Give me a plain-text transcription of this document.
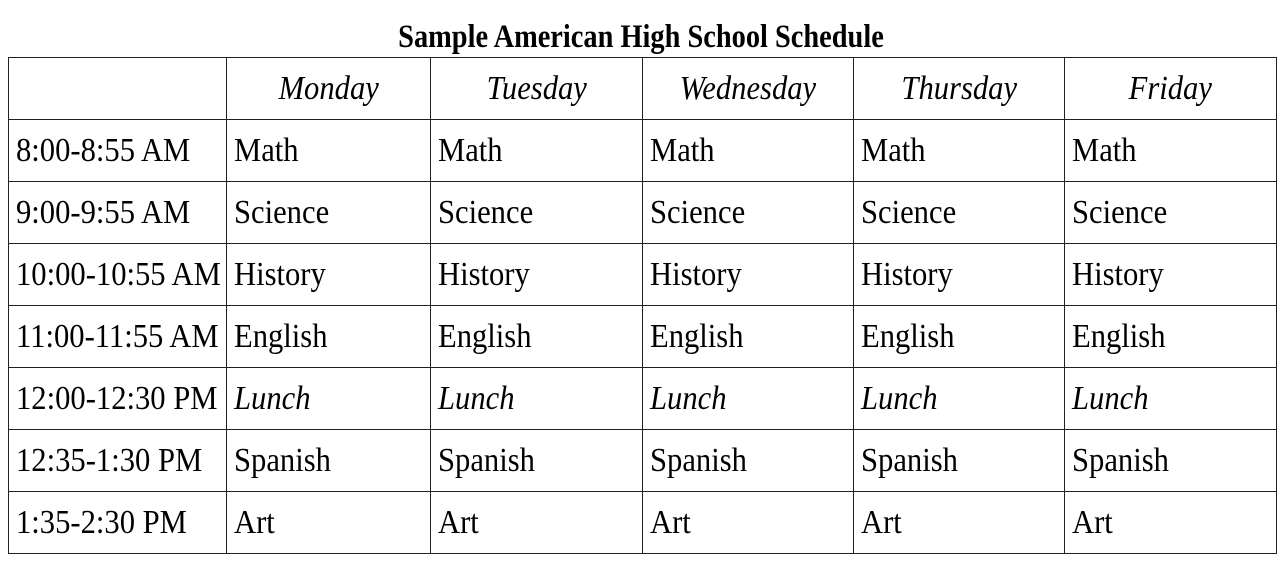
Sample American High School Schedule
	Monday	Tuesday	Wednesday	Thursday	Friday
8:00-8:55 AM	Math	Math	Math	Math	Math
9:00-9:55 AM	Science	Science	Science	Science	Science
10:00-10:55 AM	History	History	History	History	History
11:00-11:55 AM	English	English	English	English	English
12:00-12:30 PM	Lunch	Lunch	Lunch	Lunch	Lunch
12:35-1:30 PM	Spanish	Spanish	Spanish	Spanish	Spanish
1:35-2:30 PM	Art	Art	Art	Art	Art
